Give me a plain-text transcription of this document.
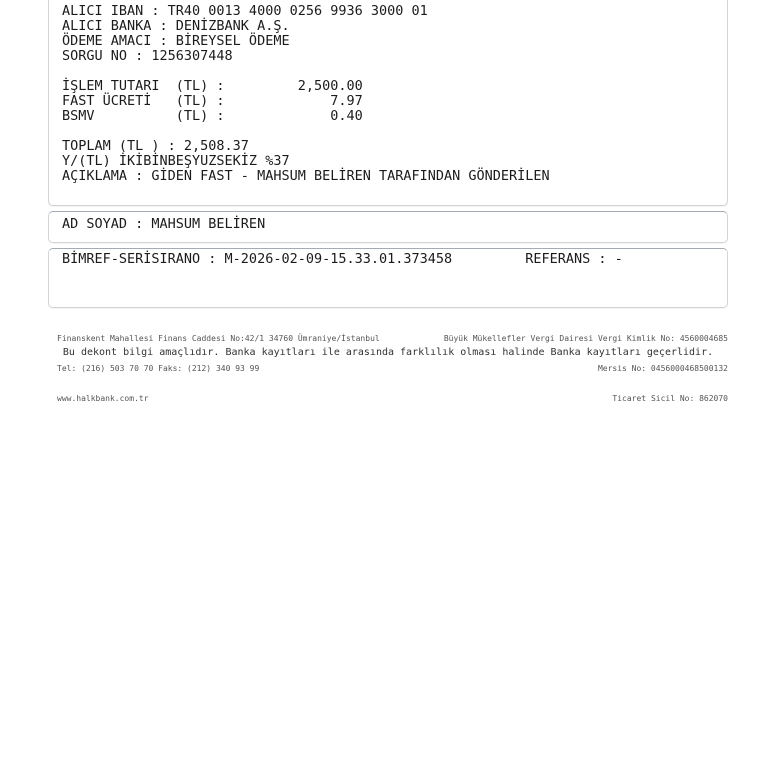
ALICI IBAN : TR40 0013 4000 0256 9936 3000 01
ALICI BANKA : DENİZBANK A.Ş.
ÖDEME AMACI : BİREYSEL ÖDEME
SORGU NO : 1256307448
İŞLEM TUTARI  (TL) :         2,500.00
FAST ÜCRETİ   (TL) :             7.97
BSMV          (TL) :             0.40
TOPLAM (TL ) : 2,508.37
Y/(TL) İKİBİNBEŞYUZSEKİZ %37
AÇIKLAMA : GİDEN FAST - MAHSUM BELİREN TARAFINDAN GÖNDERİLEN
AD SOYAD : MAHSUM BELİREN
BİMREF-SERİSIRANO : M-2026-02-09-15.33.01.373458         REFERANS : -

Finanskent Mahallesi Finans Caddesi No:42/1 34760 Ümraniye/İstanbul

Tel: (216) 503 70 70 Faks: (212) 340 93 99

www.halkbank.com.tr

Büyük Mükellefler Vergi Dairesi Vergi Kimlik No: 4560004685

Mersis No: 0456000468500132

Ticaret Sicil No: 862070

Bu dekont bilgi amaçlıdır. Banka kayıtları ile arasında farklılık olması halinde Banka kayıtları geçerlidir.
